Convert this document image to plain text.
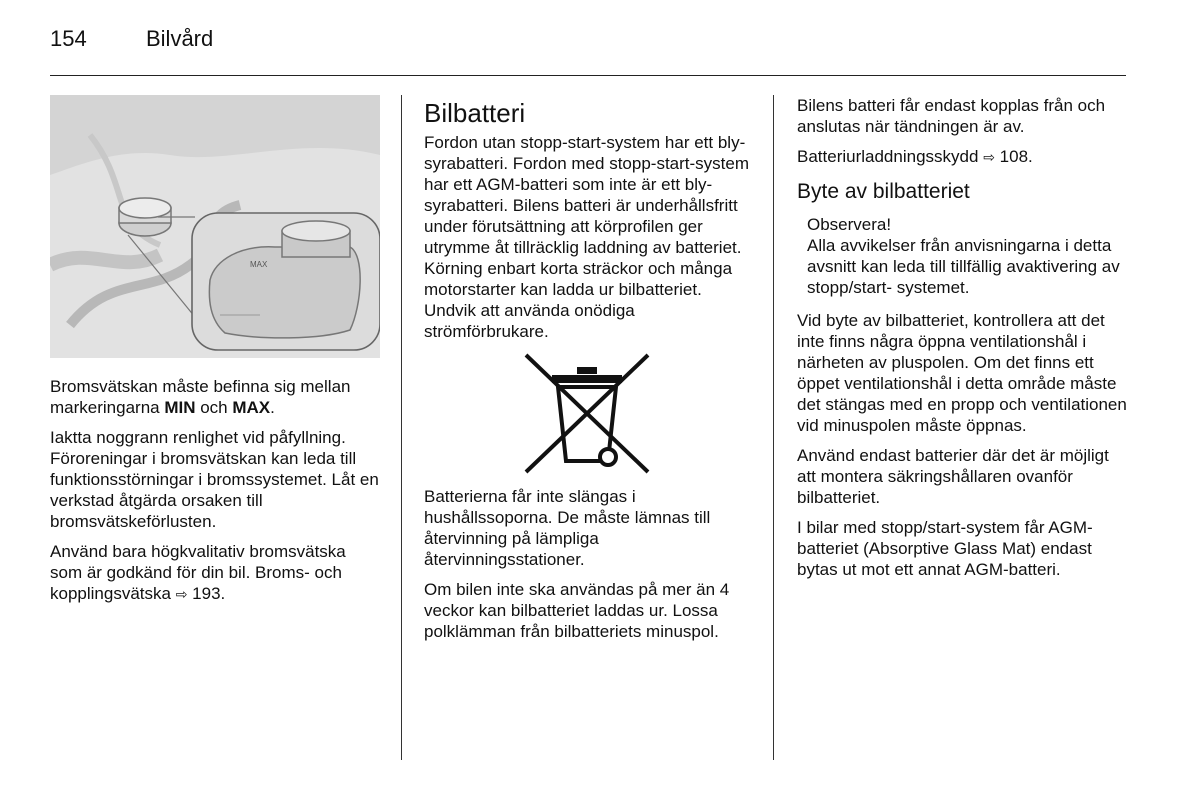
154	Bilvård
MAX

Bromsvätskan måste befinna sig mellan markeringarna MIN och MAX.

Iaktta noggrann renlighet vid påfyllning. Föroreningar i bromsvätskan kan leda till funktionsstörningar i bromssystemet. Låt en verkstad åtgärda orsaken till bromsvätskeförlusten.

Använd bara högkvalitativ bromsvätska som är godkänd för din bil. Broms- och kopplingsvätska ⇨ 193.

Bilbatteri

Fordon utan stopp-start-system har ett bly-syrabatteri. Fordon med stopp-start-system har ett AGM-batteri som inte är ett bly-syrabatteri. Bilens batteri är underhållsfritt under förutsättning att körprofilen ger utrymme åt tillräcklig laddning av batteriet. Körning enbart korta sträckor och många motorstarter kan ladda ur bilbatteriet. Undvik att använda onödiga strömförbrukare.

Batterierna får inte slängas i hushållssoporna. De måste lämnas till återvinning på lämpliga återvinningsstationer.

Om bilen inte ska användas på mer än 4 veckor kan bilbatteriet laddas ur. Lossa polklämman från bilbatteriets minuspol.

Bilens batteri får endast kopplas från och anslutas när tändningen är av.

Batteriurladdningsskydd ⇨ 108.

Byte av bilbatteriet
Observera!
Alla avvikelser från anvisningarna i detta avsnitt kan leda till tillfällig avaktivering av stopp/start- systemet.

Vid byte av bilbatteriet, kontrollera att det inte finns några öppna ventilationshål i närheten av pluspolen. Om det finns ett öppet ventilationshål i detta område måste det stängas med en propp och ventilationen vid minuspolen måste öppnas.

Använd endast batterier där det är möjligt att montera säkringshållaren ovanför bilbatteriet.

I bilar med stopp/start-system får AGM-batteriet (Absorptive Glass Mat) endast bytas ut mot ett annat AGM-batteri.
